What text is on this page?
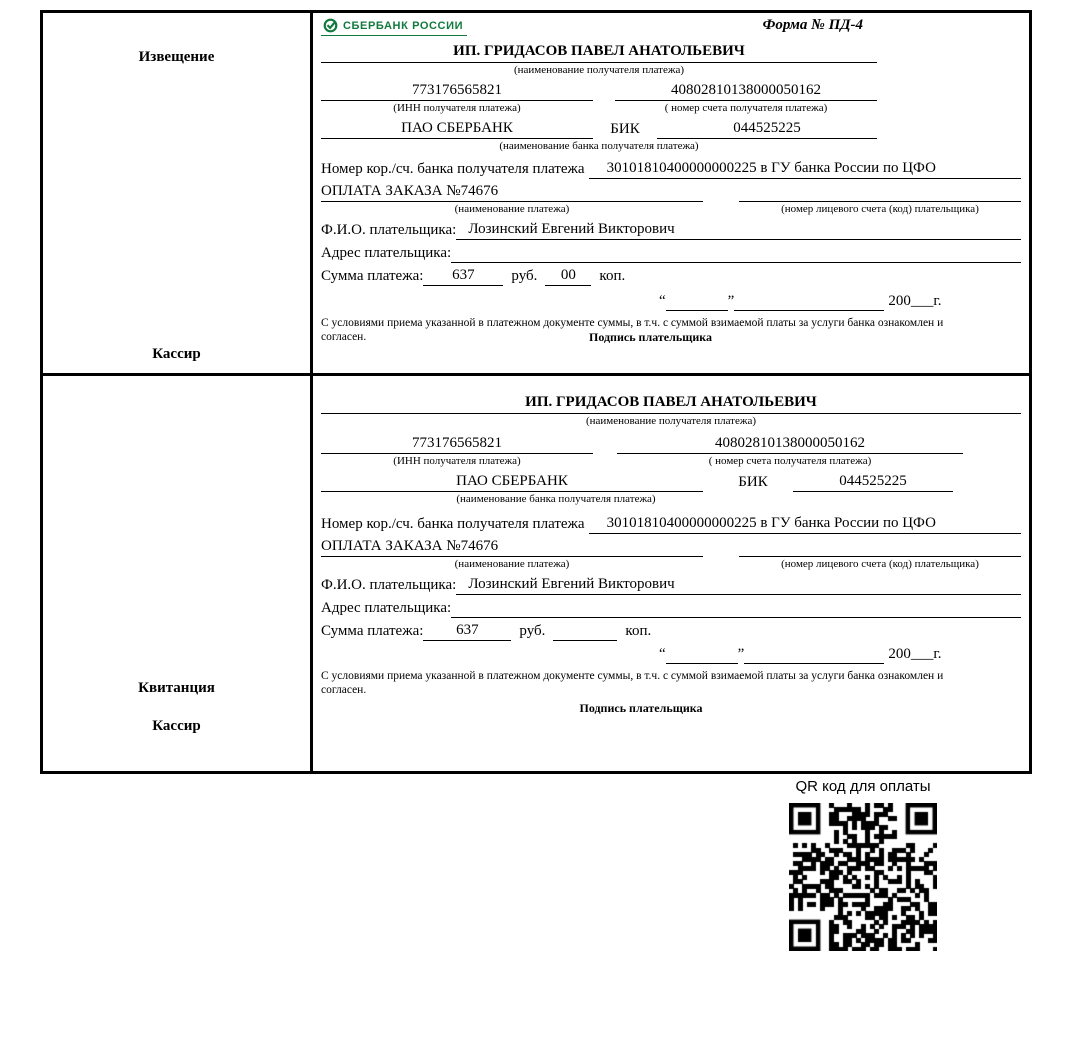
Извещение
Кассир
СБЕРБАНК РОССИИ	Форма № ПД-4
ИП. ГРИДАСОВ ПАВЕЛ АНАТОЛЬЕВИЧ
(наименование получателя платежа)
773176565821	40802810138000050162
(ИНН получателя платежа)	( номер счета получателя платежа)
ПАО СБЕРБАНК	БИК	044525225
(наименование банка получателя платежа)
Номер кор./сч. банка получателя платежа	30101810400000000225 в ГУ банка России по ЦФО
ОПЛАТА ЗАКАЗА №74676
(наименование платежа)	(номер лицевого счета (код) плательщика)
Ф.И.О. плательщика: Лозинский Евгений Викторович
Адрес плательщика:
Сумма платежа:	637	руб.	00	коп.
“	”	200___г.
С условиями приема указанной в платежном документе суммы, в т.ч. с суммой взимаемой платы за услуги банка ознакомлен и согласен.	Подпись плательщика
Квитанция
Кассир
ИП. ГРИДАСОВ ПАВЕЛ АНАТОЛЬЕВИЧ
(наименование получателя платежа)
773176565821	40802810138000050162
(ИНН получателя платежа)	( номер счета получателя платежа)
ПАО СБЕРБАНК	БИК	044525225
(наименование банка получателя платежа)
Номер кор./сч. банка получателя платежа	30101810400000000225 в ГУ банка России по ЦФО
ОПЛАТА ЗАКАЗА №74676
(наименование платежа)	(номер лицевого счета (код) плательщика)
Ф.И.О. плательщика: Лозинский Евгений Викторович
Адрес плательщика:
Сумма платежа:	637	руб.	коп.
“	”	200___г.
С условиями приема указанной в платежном документе суммы, в т.ч. с суммой взимаемой платы за услуги банка ознакомлен и согласен.
Подпись плательщика
QR код для оплаты
